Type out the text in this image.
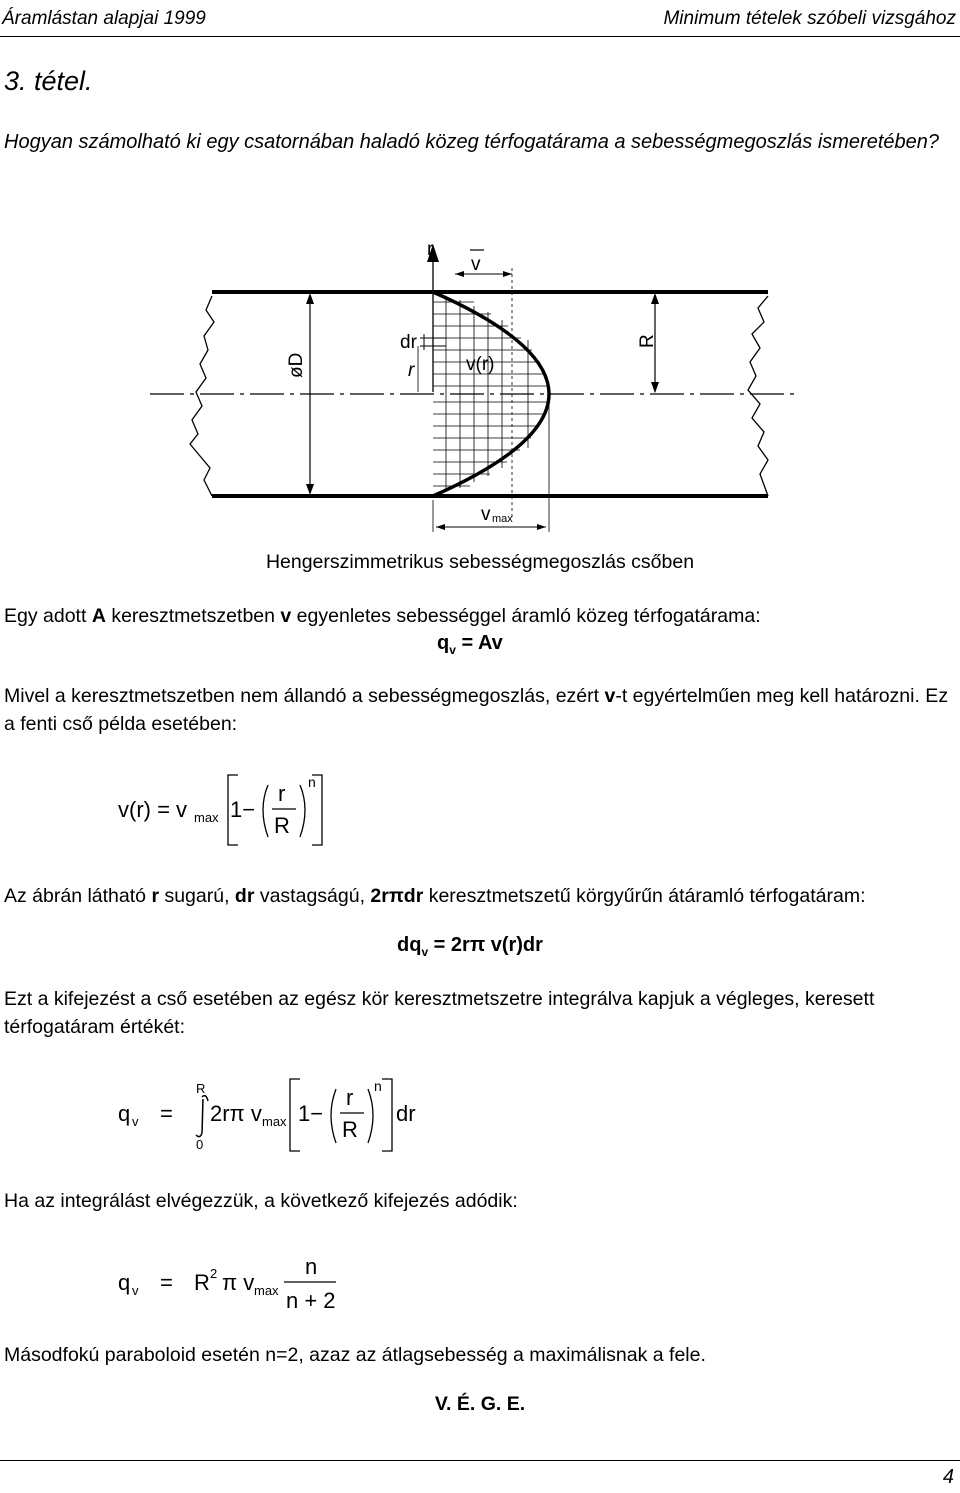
Áramlástan alapjai 1999	Minimum tételek szóbeli vizsgához
3. tétel.
Hogyan számolható ki egy csatornában haladó közeg térfogatárama a sebességmegoszlás ismeretében?
øD
R
r
v
dr
r	v(r)
v max
Hengerszimmetrikus sebességmegoszlás csőben
Egy adott A keresztmetszetben v egyenletes sebességgel áramló közeg térfogatárama:
$q_v = Av$
Mivel a keresztmetszetben nem állandó a sebességmegoszlás, ezért v-t egyértelműen meg kell határozni. Ez a fenti cső példa esetében:
v(r) = v max 1−
r
R
n
Az ábrán látható r sugarú, dr vastagságú, 2rπdr keresztmetszetű körgyűrűn átáramló térfogatáram:
$dq_v = 2r\pi$ v(r)dr
Ezt a kifejezést a cső esetében az egész kör keresztmetszetre integrálva kapjuk a végleges, keresett térfogatáram értékét:
q v =
R
0
2rπ v max 1−
r
R
n
dr
Ha az integrálást elvégezzük, a következő kifejezés adódik:
q v = R 2 π v max
n
n + 2
Másodfokú paraboloid esetén n=2, azaz az átlagsebesség a maximálisnak a fele.
V. É. G. E.
4
